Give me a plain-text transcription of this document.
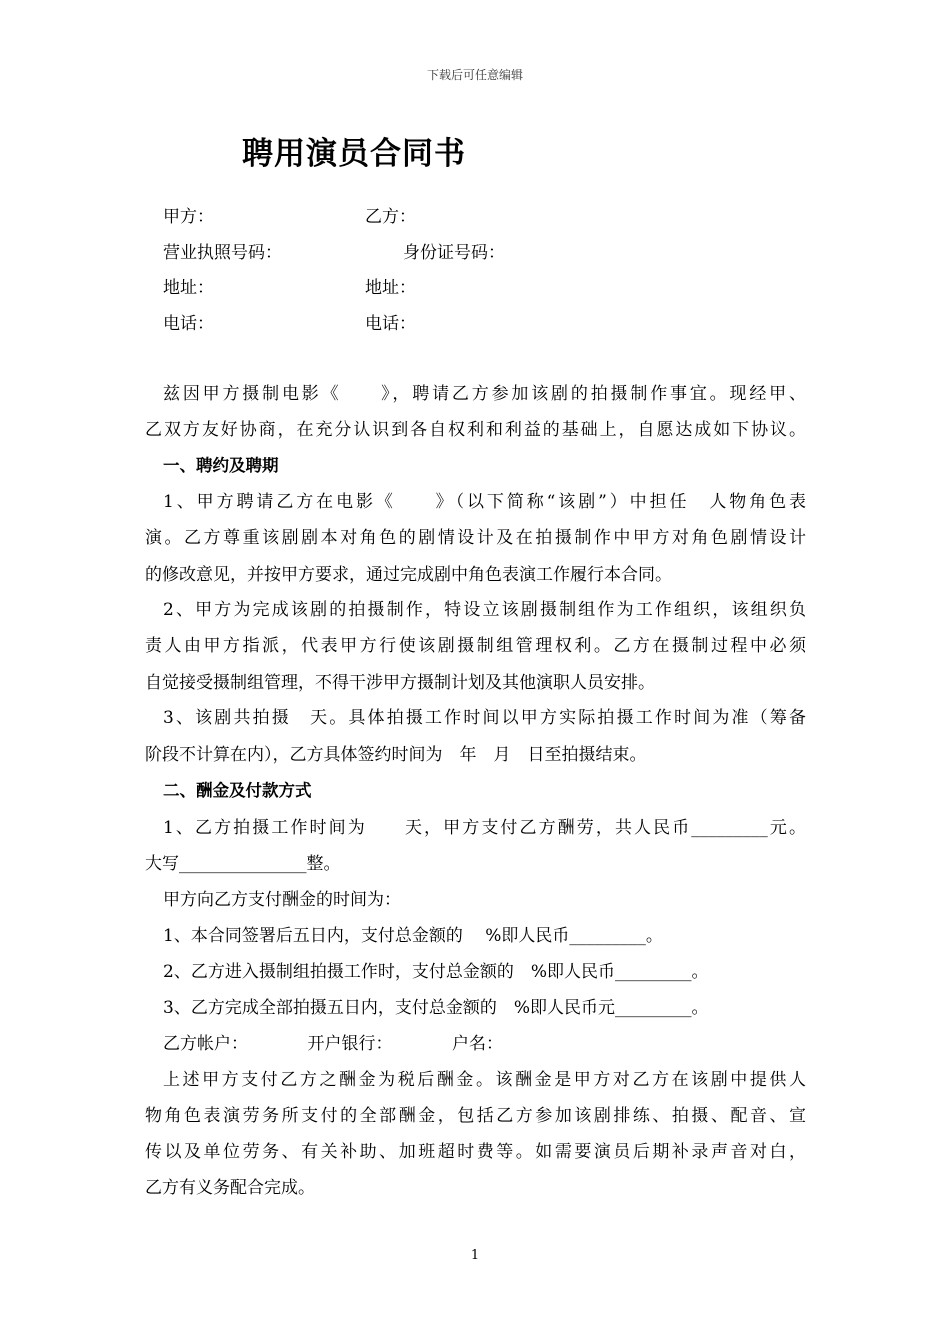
下载后可任意编辑
聘用演员合同书
甲方：	乙方：
营业执照号码：	身份证号码：
地址：	地址：
电话：	电话：
兹因甲方摄制电影《　　》，聘请乙方参加该剧的拍摄制作事宜。现经甲、
乙双方友好协商，在充分认识到各自权利和利益的基础上，自愿达成如下协议。
一、聘约及聘期
1、甲方聘请乙方在电影《　　》（以下简称“该剧”）中担任　人物角色表
演。乙方尊重该剧剧本对角色的剧情设计及在拍摄制作中甲方对角色剧情设计
的修改意见，并按甲方要求，通过完成剧中角色表演工作履行本合同。
2、甲方为完成该剧的拍摄制作，特设立该剧摄制组作为工作组织，该组织负
责人由甲方指派，代表甲方行使该剧摄制组管理权利。乙方在摄制过程中必须
自觉接受摄制组管理，不得干涉甲方摄制计划及其他演职人员安排。
3、该剧共拍摄　天。具体拍摄工作时间以甲方实际拍摄工作时间为准（筹备
阶段不计算在内），乙方具体签约时间为　年　月　日至拍摄结束。
二、酬金及付款方式
1、乙方拍摄工作时间为　　天，甲方支付乙方酬劳，共人民币_________元。
大写_______________整。
甲方向乙方支付酬金的时间为：
1、本合同签署后五日内，支付总金额的　 %即人民币_________。
2、乙方进入摄制组拍摄工作时，支付总金额的　%即人民币_________。
3、乙方完成全部拍摄五日内，支付总金额的　%即人民币元_________。
乙方帐户：　　　　开户银行：　　　　户名：
上述甲方支付乙方之酬金为税后酬金。该酬金是甲方对乙方在该剧中提供人
物角色表演劳务所支付的全部酬金，包括乙方参加该剧排练、拍摄、配音、宣
传以及单位劳务、有关补助、加班超时费等。如需要演员后期补录声音对白，
乙方有义务配合完成。
1
